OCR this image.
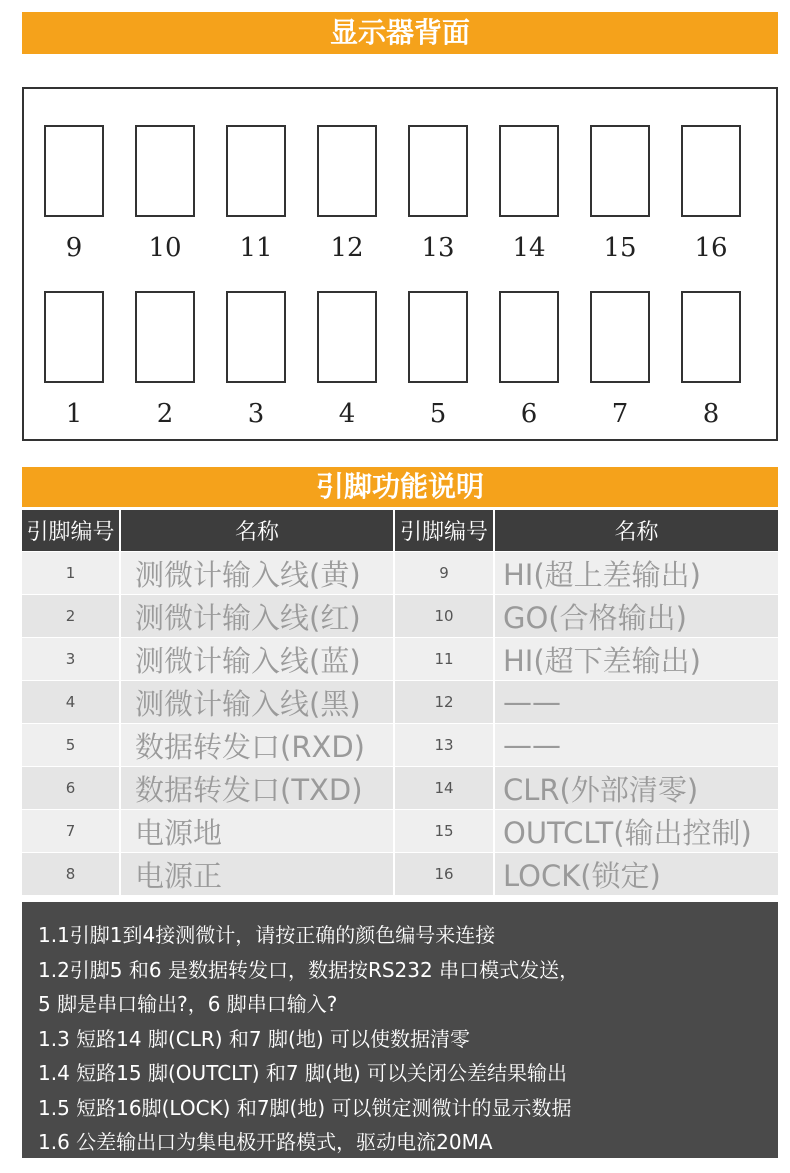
显示器背面
9	10	11	12	13	14	15	16
1	2	3	4	5	6	7	8
引脚功能说明
引脚编号	名称	引脚编号	名称
1	测微计输入线(黄)	9	HI(超上差输出)
2	测微计输入线(红)	10	GO(合格输出)
3	测微计输入线(蓝)	11	HI(超下差输出)
4	测微计输入线(黑)	12	——
5	数据转发口(RXD)	13	——
6	数据转发口(TXD)	14	CLR(外部清零)
7	电源地	15	OUTCLT(输出控制)
8	电源正	16	LOCK(锁定)
1.1引脚1到4接测微计，请按正确的颜色编号来连接
1.2引脚5 和6 是数据转发口，数据按RS232 串口模式发送，
5 脚是串口输出?，6 脚串口输入?
1.3 短路14 脚(CLR) 和7 脚(地) 可以使数据清零
1.4 短路15 脚(OUTCLT) 和7 脚(地) 可以关闭公差结果输出
1.5 短路16脚(LOCK) 和7脚(地) 可以锁定测微计的显示数据
1.6 公差输出口为集电极开路模式，驱动电流20MA
